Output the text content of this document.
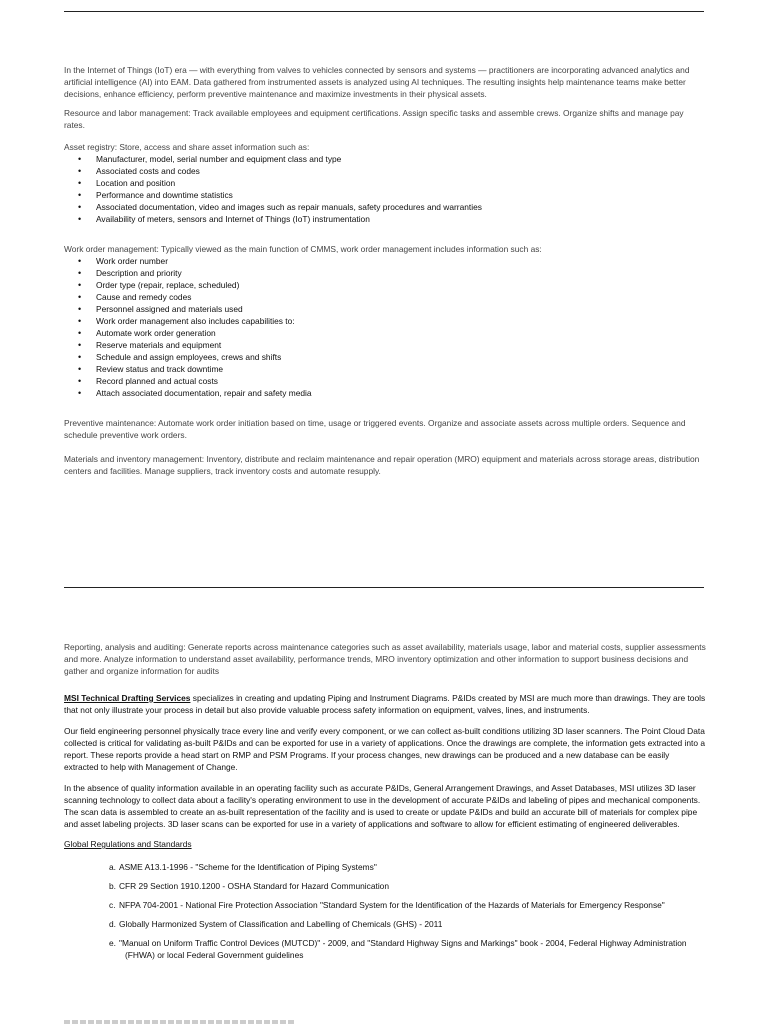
In the Internet of Things (IoT) era — with everything from valves to vehicles connected by sensors and systems — practitioners are incorporating advanced analytics and artificial intelligence (AI) into EAM. Data gathered from instrumented assets is analyzed using AI techniques. The resulting insights help maintenance teams make better decisions, enhance efficiency, perform preventive maintenance and maximize investments in their physical assets.

Resource and labor management: Track available employees and equipment certifications. Assign specific tasks and assemble crews. Organize shifts and manage pay rates.

Asset registry: Store, access and share asset information such as:

• Manufacturer, model, serial number and equipment class and type
• Associated costs and codes
• Location and position
• Performance and downtime statistics
• Associated documentation, video and images such as repair manuals, safety procedures and warranties
• Availability of meters, sensors and Internet of Things (IoT) instrumentation

Work order management: Typically viewed as the main function of CMMS, work order management includes information such as:

• Work order number
• Description and priority
• Order type (repair, replace, scheduled)
• Cause and remedy codes
• Personnel assigned and materials used
• Work order management also includes capabilities to:
• Automate work order generation
• Reserve materials and equipment
• Schedule and assign employees, crews and shifts
• Review status and track downtime
• Record planned and actual costs
• Attach associated documentation, repair and safety media

Preventive maintenance: Automate work order initiation based on time, usage or triggered events. Organize and associate assets across multiple orders. Sequence and schedule preventive work orders.

Materials and inventory management: Inventory, distribute and reclaim maintenance and repair operation (MRO) equipment and materials across storage areas, distribution centers and facilities. Manage suppliers, track inventory costs and automate resupply.

Reporting, analysis and auditing: Generate reports across maintenance categories such as asset availability, materials usage, labor and material costs, supplier assessments and more. Analyze information to understand asset availability, performance trends, MRO inventory optimization and other information to support business decisions and gather and organize information for audits

MSI Technical Drafting Services specializes in creating and updating Piping and Instrument Diagrams. P&IDs created by MSI are much more than drawings. They are tools that not only illustrate your process in detail but also provide valuable process safety information on equipment, valves, lines, and instruments.

Our field engineering personnel physically trace every line and verify every component, or we can collect as-built conditions utilizing 3D laser scanners. The Point Cloud Data collected is critical for validating as-built P&IDs and can be exported for use in a variety of applications. Once the drawings are complete, the information gets extracted into a report. These reports provide a head start on RMP and PSM Programs. If your process changes, new drawings can be produced and a new database can be easily extracted to help with Management of Change.

In the absence of quality information available in an operating facility such as accurate P&IDs, General Arrangement Drawings, and Asset Databases, MSI utilizes 3D laser scanning technology to collect data about a facility's operating environment to use in the development of accurate P&IDs and labeling of pipes and mechanical components. The scan data is assembled to create an as-built representation of the facility and is used to create or update P&IDs and build an accurate bill of materials for complex pipe and asset labeling projects. 3D laser scans can be exported for use in a variety of applications and software to allow for efficient estimating of engineered deliverables.

Global Regulations and Standards

a. ASME A13.1-1996 - "Scheme for the Identification of Piping Systems"
b. CFR 29 Section 1910.1200 - OSHA Standard for Hazard Communication
c. NFPA 704-2001 - National Fire Protection Association "Standard System for the Identification of the Hazards of Materials for Emergency Response"
d. Globally Harmonized System of Classification and Labelling of Chemicals (GHS) - 2011
e. "Manual on Uniform Traffic Control Devices (MUTCD)" - 2009, and "Standard Highway Signs and Markings" book - 2004, Federal Highway Administration (FHWA) or local Federal Government guidelines
